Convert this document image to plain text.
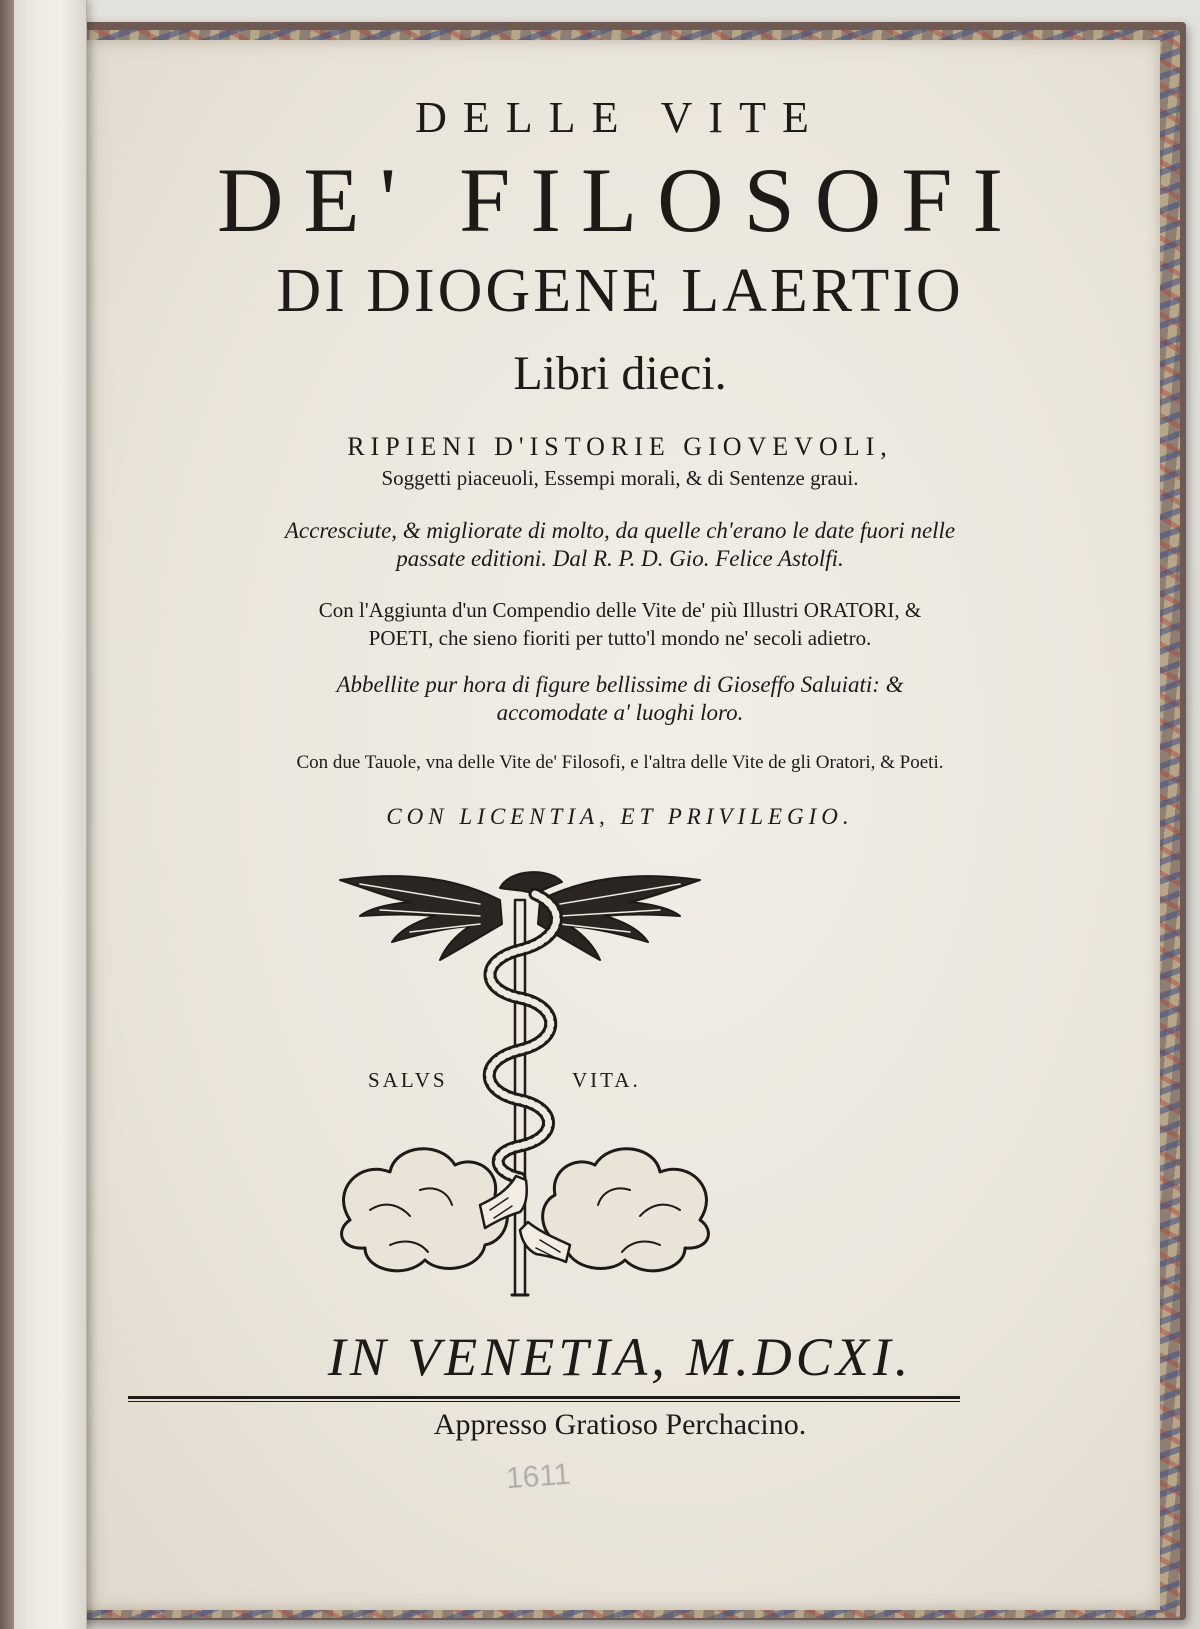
DELLE VITE
DE' FILOSOFI
DI DIOGENE LAERTIO
Libri dieci.
RIPIENI D'ISTORIE GIOVEVOLI,
Soggetti piaceuoli, Essempi morali, & di Sentenze graui.
Accresciute, & migliorate di molto, da quelle ch'erano le date fuori nelle
passate editioni. Dal R. P. D. Gio. Felice Astolfi.
Con l'Aggiunta d'un Compendio delle Vite de' più Illustri ORATORI, &
POETI, che sieno fioriti per tutto'l mondo ne' secoli adietro.
Abbellite pur hora di figure bellissime di Gioseffo Saluiati: &
accomodate a' luoghi loro.
Con due Tauole, vna delle Vite de' Filosofi, e l'altra delle Vite de gli Oratori, & Poeti.
CON LICENTIA, ET PRIVILEGIO.
SALVS	VITA.
IN VENETIA, M.DCXI.
Appresso Gratioso Perchacino.
1611
